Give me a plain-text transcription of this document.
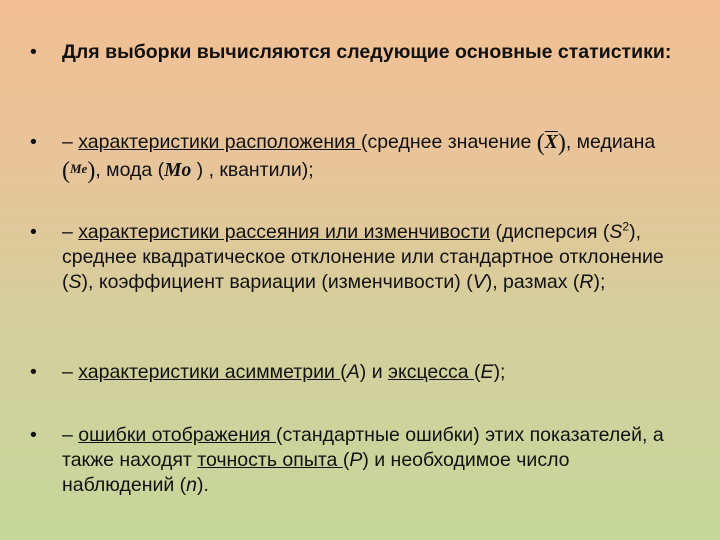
• Для выборки вычисляются следующие основные статистики:
• – характеристики расположения (среднее значение $(\overline{X})$, медиана(Me), мода (Mo ) , квантили);
• – характеристики рассеяния или изменчивости (дисперсия $(S^2)$, среднее квадратическое отклонение или стандартное отклонение (S), коэффициент вариации (изменчивости) (V), размах (R);
• – характеристики асимметрии (A) и эксцесса (E);
• – ошибки отображения (стандартные ошибки) этих показателей, а также находят точность опыта (P) и необходимое число наблюдений (n).
